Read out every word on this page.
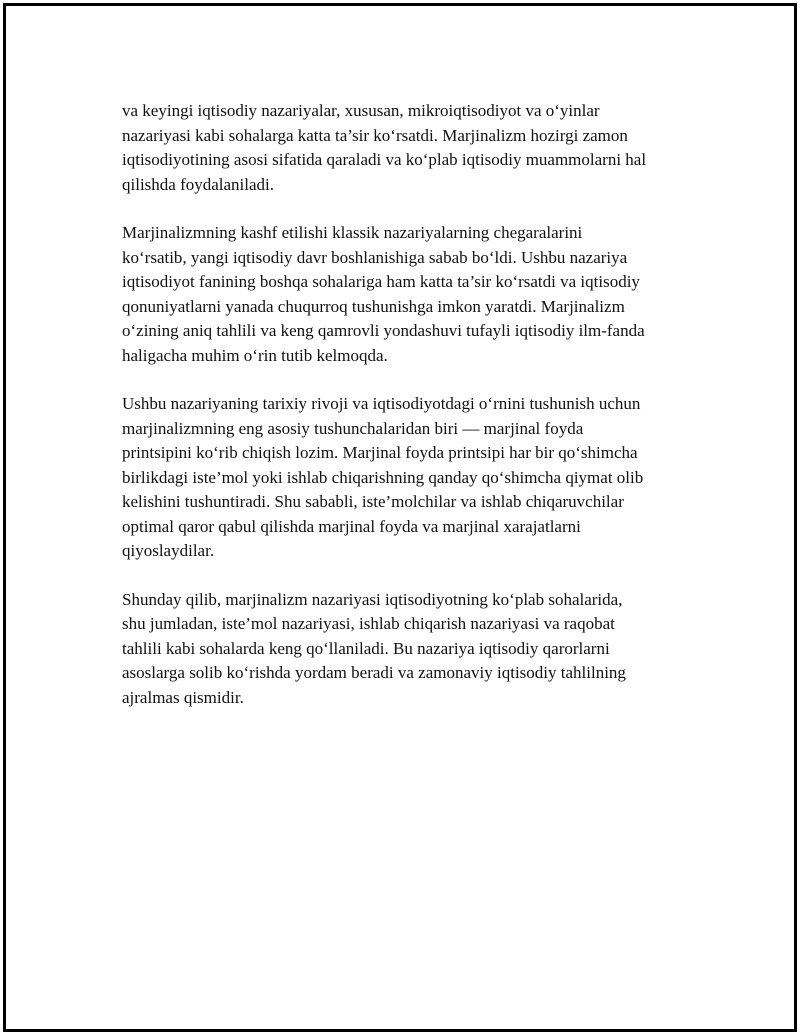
va keyingi iqtisodiy nazariyalar, xususan, mikroiqtisodiyot va o‘yinlar
nazariyasi kabi sohalarga katta ta’sir ko‘rsatdi. Marjinalizm hozirgi zamon
iqtisodiyotining asosi sifatida qaraladi va ko‘plab iqtisodiy muammolarni hal
qilishda foydalaniladi.

Marjinalizmning kashf etilishi klassik nazariyalarning chegaralarini
ko‘rsatib, yangi iqtisodiy davr boshlanishiga sabab bo‘ldi. Ushbu nazariya
iqtisodiyot fanining boshqa sohalariga ham katta ta’sir ko‘rsatdi va iqtisodiy
qonuniyatlarni yanada chuqurroq tushunishga imkon yaratdi. Marjinalizm
o‘zining aniq tahlili va keng qamrovli yondashuvi tufayli iqtisodiy ilm-fanda
haligacha muhim o‘rin tutib kelmoqda.

Ushbu nazariyaning tarixiy rivoji va iqtisodiyotdagi o‘rnini tushunish uchun
marjinalizmning eng asosiy tushunchalaridan biri — marjinal foyda
printsipini ko‘rib chiqish lozim. Marjinal foyda printsipi har bir qo‘shimcha
birlikdagi iste’mol yoki ishlab chiqarishning qanday qo‘shimcha qiymat olib
kelishini tushuntiradi. Shu sababli, iste’molchilar va ishlab chiqaruvchilar
optimal qaror qabul qilishda marjinal foyda va marjinal xarajatlarni
qiyoslaydilar.

Shunday qilib, marjinalizm nazariyasi iqtisodiyotning ko‘plab sohalarida,
shu jumladan, iste’mol nazariyasi, ishlab chiqarish nazariyasi va raqobat
tahlili kabi sohalarda keng qo‘llaniladi. Bu nazariya iqtisodiy qarorlarni
asoslarga solib ko‘rishda yordam beradi va zamonaviy iqtisodiy tahlilning
ajralmas qismidir.
